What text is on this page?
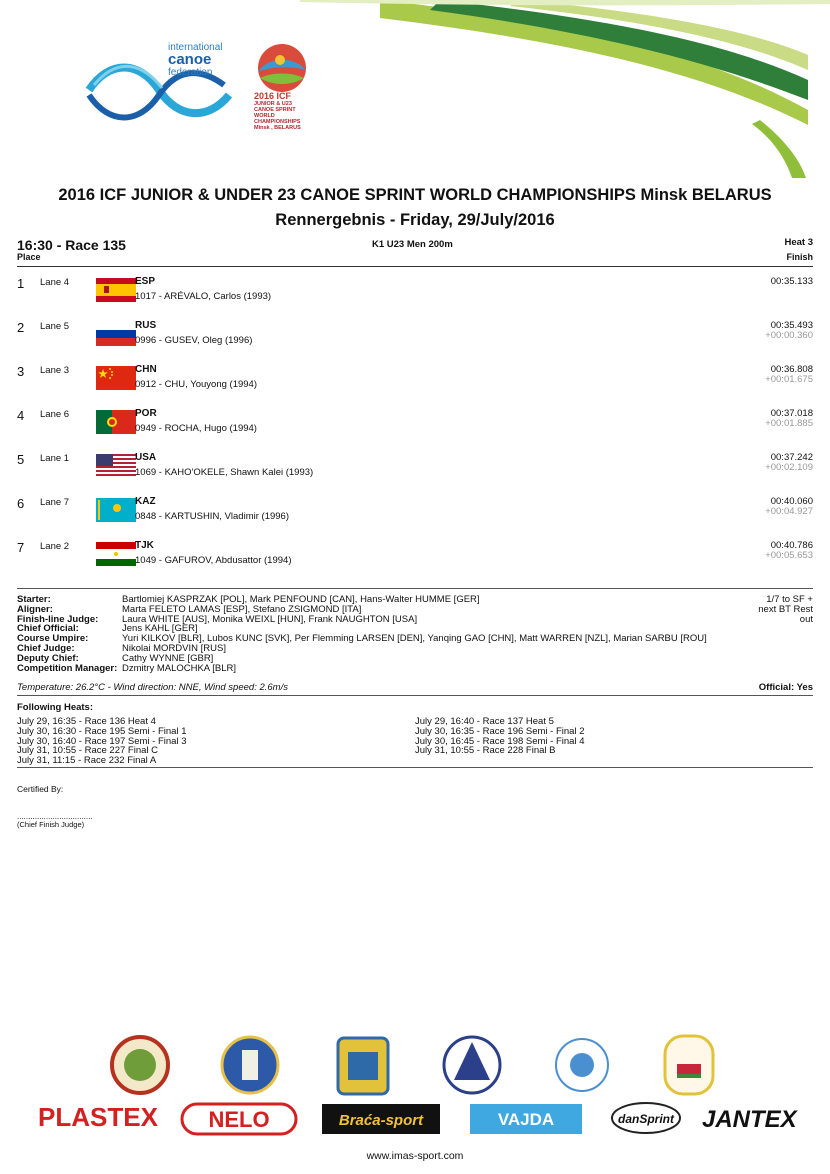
international
canoe
federation
2016 ICF
JUNIOR & U23
CANOE SPRINT
WORLD CHAMPIONSHIPS
Minsk , BELARUS
2016 ICF JUNIOR & UNDER 23 CANOE SPRINT WORLD CHAMPIONSHIPS Minsk BELARUS
Rennergebnis - Friday, 29/July/2016
16:30 - Race 135
Place
K1 U23 Men 200m	Heat 3
Finish
1 Lane 4	ESP
1017 - ARÉVALO, Carlos (1993)
00:35.133
2 Lane 5	RUS
0996 - GUSEV, Oleg (1996)
00:35.493
+00:00.360
3 Lane 3	CHN
0912 - CHU, Youyong (1994)
00:36.808
+00:01.675
4 Lane 6	POR
0949 - ROCHA, Hugo (1994)
00:37.018
+00:01.885
5 Lane 1	USA
1069 - KAHO'OKELE, Shawn Kalei (1993)
00:37.242
+00:02.109
6 Lane 7	KAZ
0848 - KARTUSHIN, Vladimir (1996)
00:40.060
+00:04.927
7 Lane 2	TJK
1049 - GAFUROV, Abdusattor (1994)
00:40.786
+00:05.653
Starter:	Bartlomiej KASPRZAK [POL], Mark PENFOUND [CAN], Hans-Walter HUMME [GER]
Aligner:	Marta FELETO LAMAS [ESP], Stefano ZSIGMOND [ITA]
Finish-line Judge: Laura WHITE [AUS], Monika WEIXL [HUN], Frank NAUGHTON [USA]
Chief Official:	Jens KAHL [GER]
Course Umpire:	Yuri KILKOV [BLR], Lubos KUNC [SVK], Per Flemming LARSEN [DEN], Yanqing GAO [CHN], Matt WARREN [NZL], Marian SARBU [ROU]
Chief Judge:	Nikolai MORDVIN [RUS]
Deputy Chief:	Cathy WYNNE [GBR]
Competition Manager: Dzmitry MALOCHKA [BLR]
1/7 to SF +
next BT Rest
out
Temperature: 26.2°C - Wind direction: NNE, Wind speed: 2.6m/s	Official: Yes
Following Heats:
July 29, 16:35 - Race 136 Heat 4
July 30, 16:30 - Race 195 Semi - Final 1
July 30, 16:40 - Race 197 Semi - Final 3
July 31, 10:55 - Race 227 Final C
July 31, 11:15 - Race 232 Final A
July 29, 16:40 - Race 137 Heat 5
July 30, 16:35 - Race 196 Semi - Final 2
July 30, 16:45 - Race 198 Semi - Final 4
July 31, 10:55 - Race 228 Final B
Certified By:
..................................
(Chief Finish Judge)
PLASTEX NELO	Braća-sport	VAJDA	danSprint JANTEX
www.imas-sport.com
